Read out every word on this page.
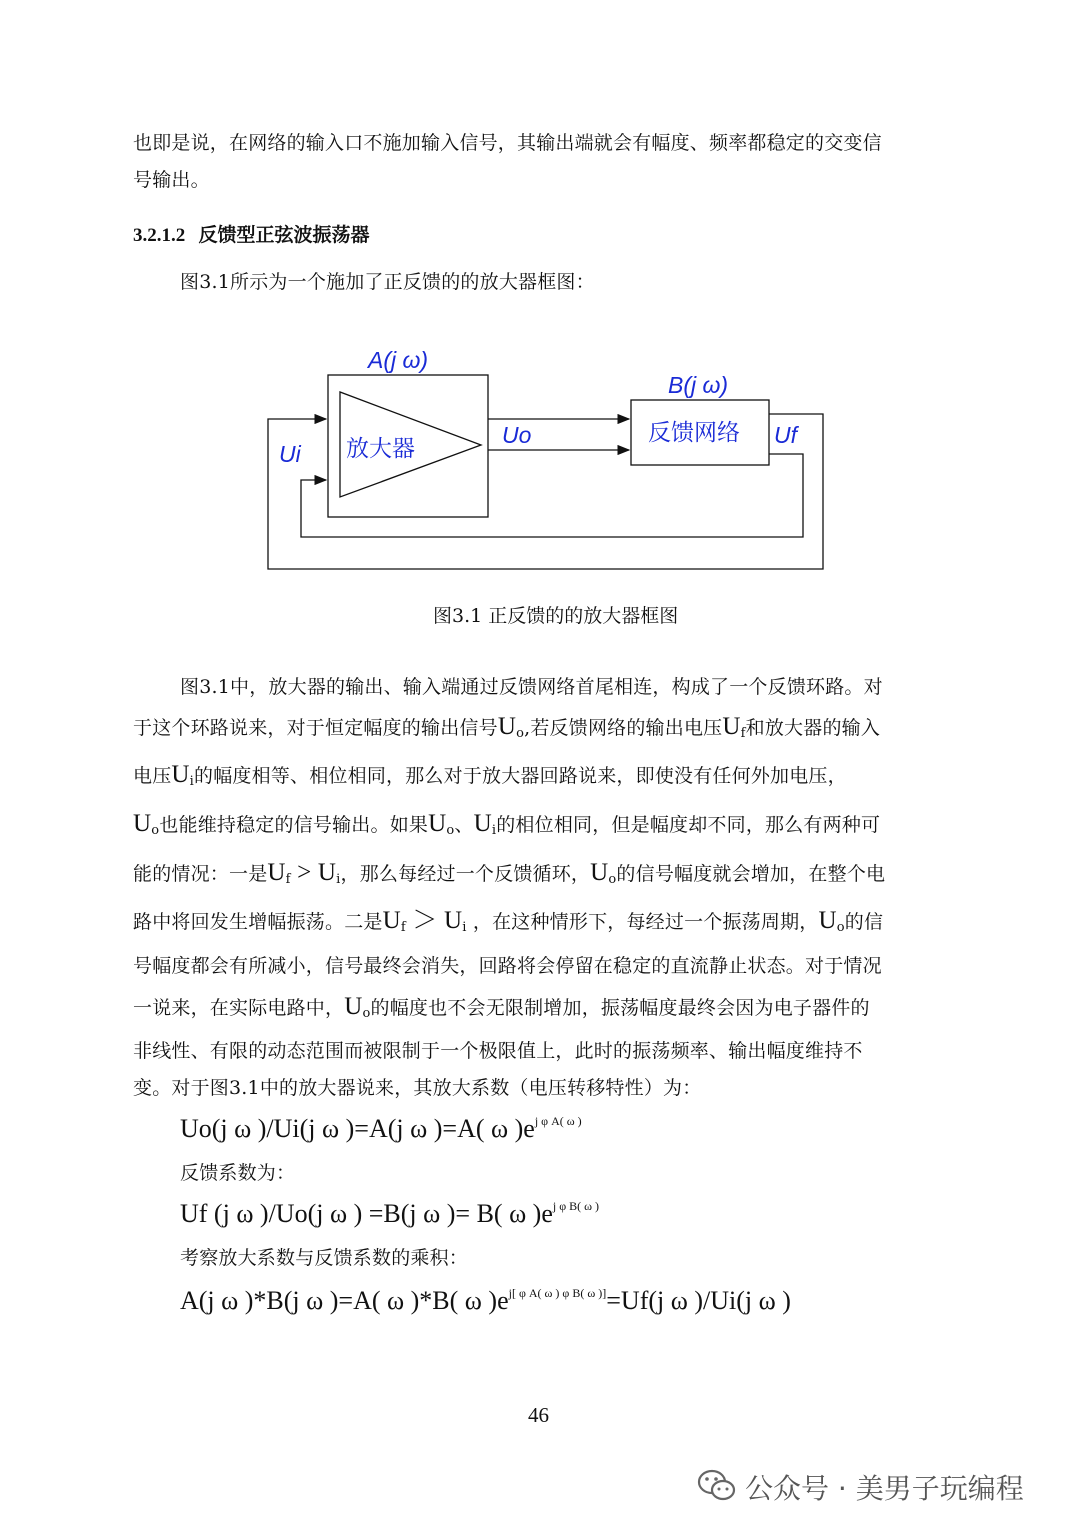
也即是说，在网络的输入口不施加输入信号，其输出端就会有幅度、频率都稳定的交变信
号输出。
3.2.1.2 反馈型正弦波振荡器
图3.1所示为一个施加了正反馈的的放大器框图：
A(j ω)
B(j ω)
放大器
反馈网络
Ui
Uo	Uf
图3.1 正反馈的的放大器框图
图3.1中，放大器的输出、输入端通过反馈网络首尾相连，构成了一个反馈环路。对
于这个环路说来，对于恒定幅度的输出信号$U_o$,若反馈网络的输出电压$U_f$和放大器的输入
电压$U_i$的幅度相等、相位相同，那么对于放大器回路说来，即使没有任何外加电压，
$U_o$也能维持稳定的信号输出。如果$U_o$、$U_i$的相位相同，但是幅度却不同，那么有两种可
能的情况：一是$U_f > U_i$，那么每经过一个反馈循环，$U_o$的信号幅度就会增加，在整个电
路中将回发生增幅振荡。二是$U_f > U_i$ ，在这种情形下，每经过一个振荡周期，$U_o$的信
号幅度都会有所减小，信号最终会消失，回路将会停留在稳定的直流静止状态。对于情况
一说来，在实际电路中，$U_o$的幅度也不会无限制增加，振荡幅度最终会因为电子器件的
非线性、有限的动态范围而被限制于一个极限值上，此时的振荡频率、输出幅度维持不
变。对于图3.1中的放大器说来，其放大系数（电压转移特性）为：
Uo(j ω )/Ui(j ω )=A(j ω )=A( ω )$e^{j \varphi A( \omega )}$
反馈系数为：
Uf (j ω )/Uo(j ω ) =B(j ω )= B( ω )$e^{j \varphi B( \omega )}$
考察放大系数与反馈系数的乘积：
A(j ω )*B(j ω )=A( ω )*B( ω )$e^{j[ \varphi A( \omega ) \varphi B( \omega )]}=Uf(j$ ω )/Ui(j ω )
46
公众号 · 美男子玩编程
